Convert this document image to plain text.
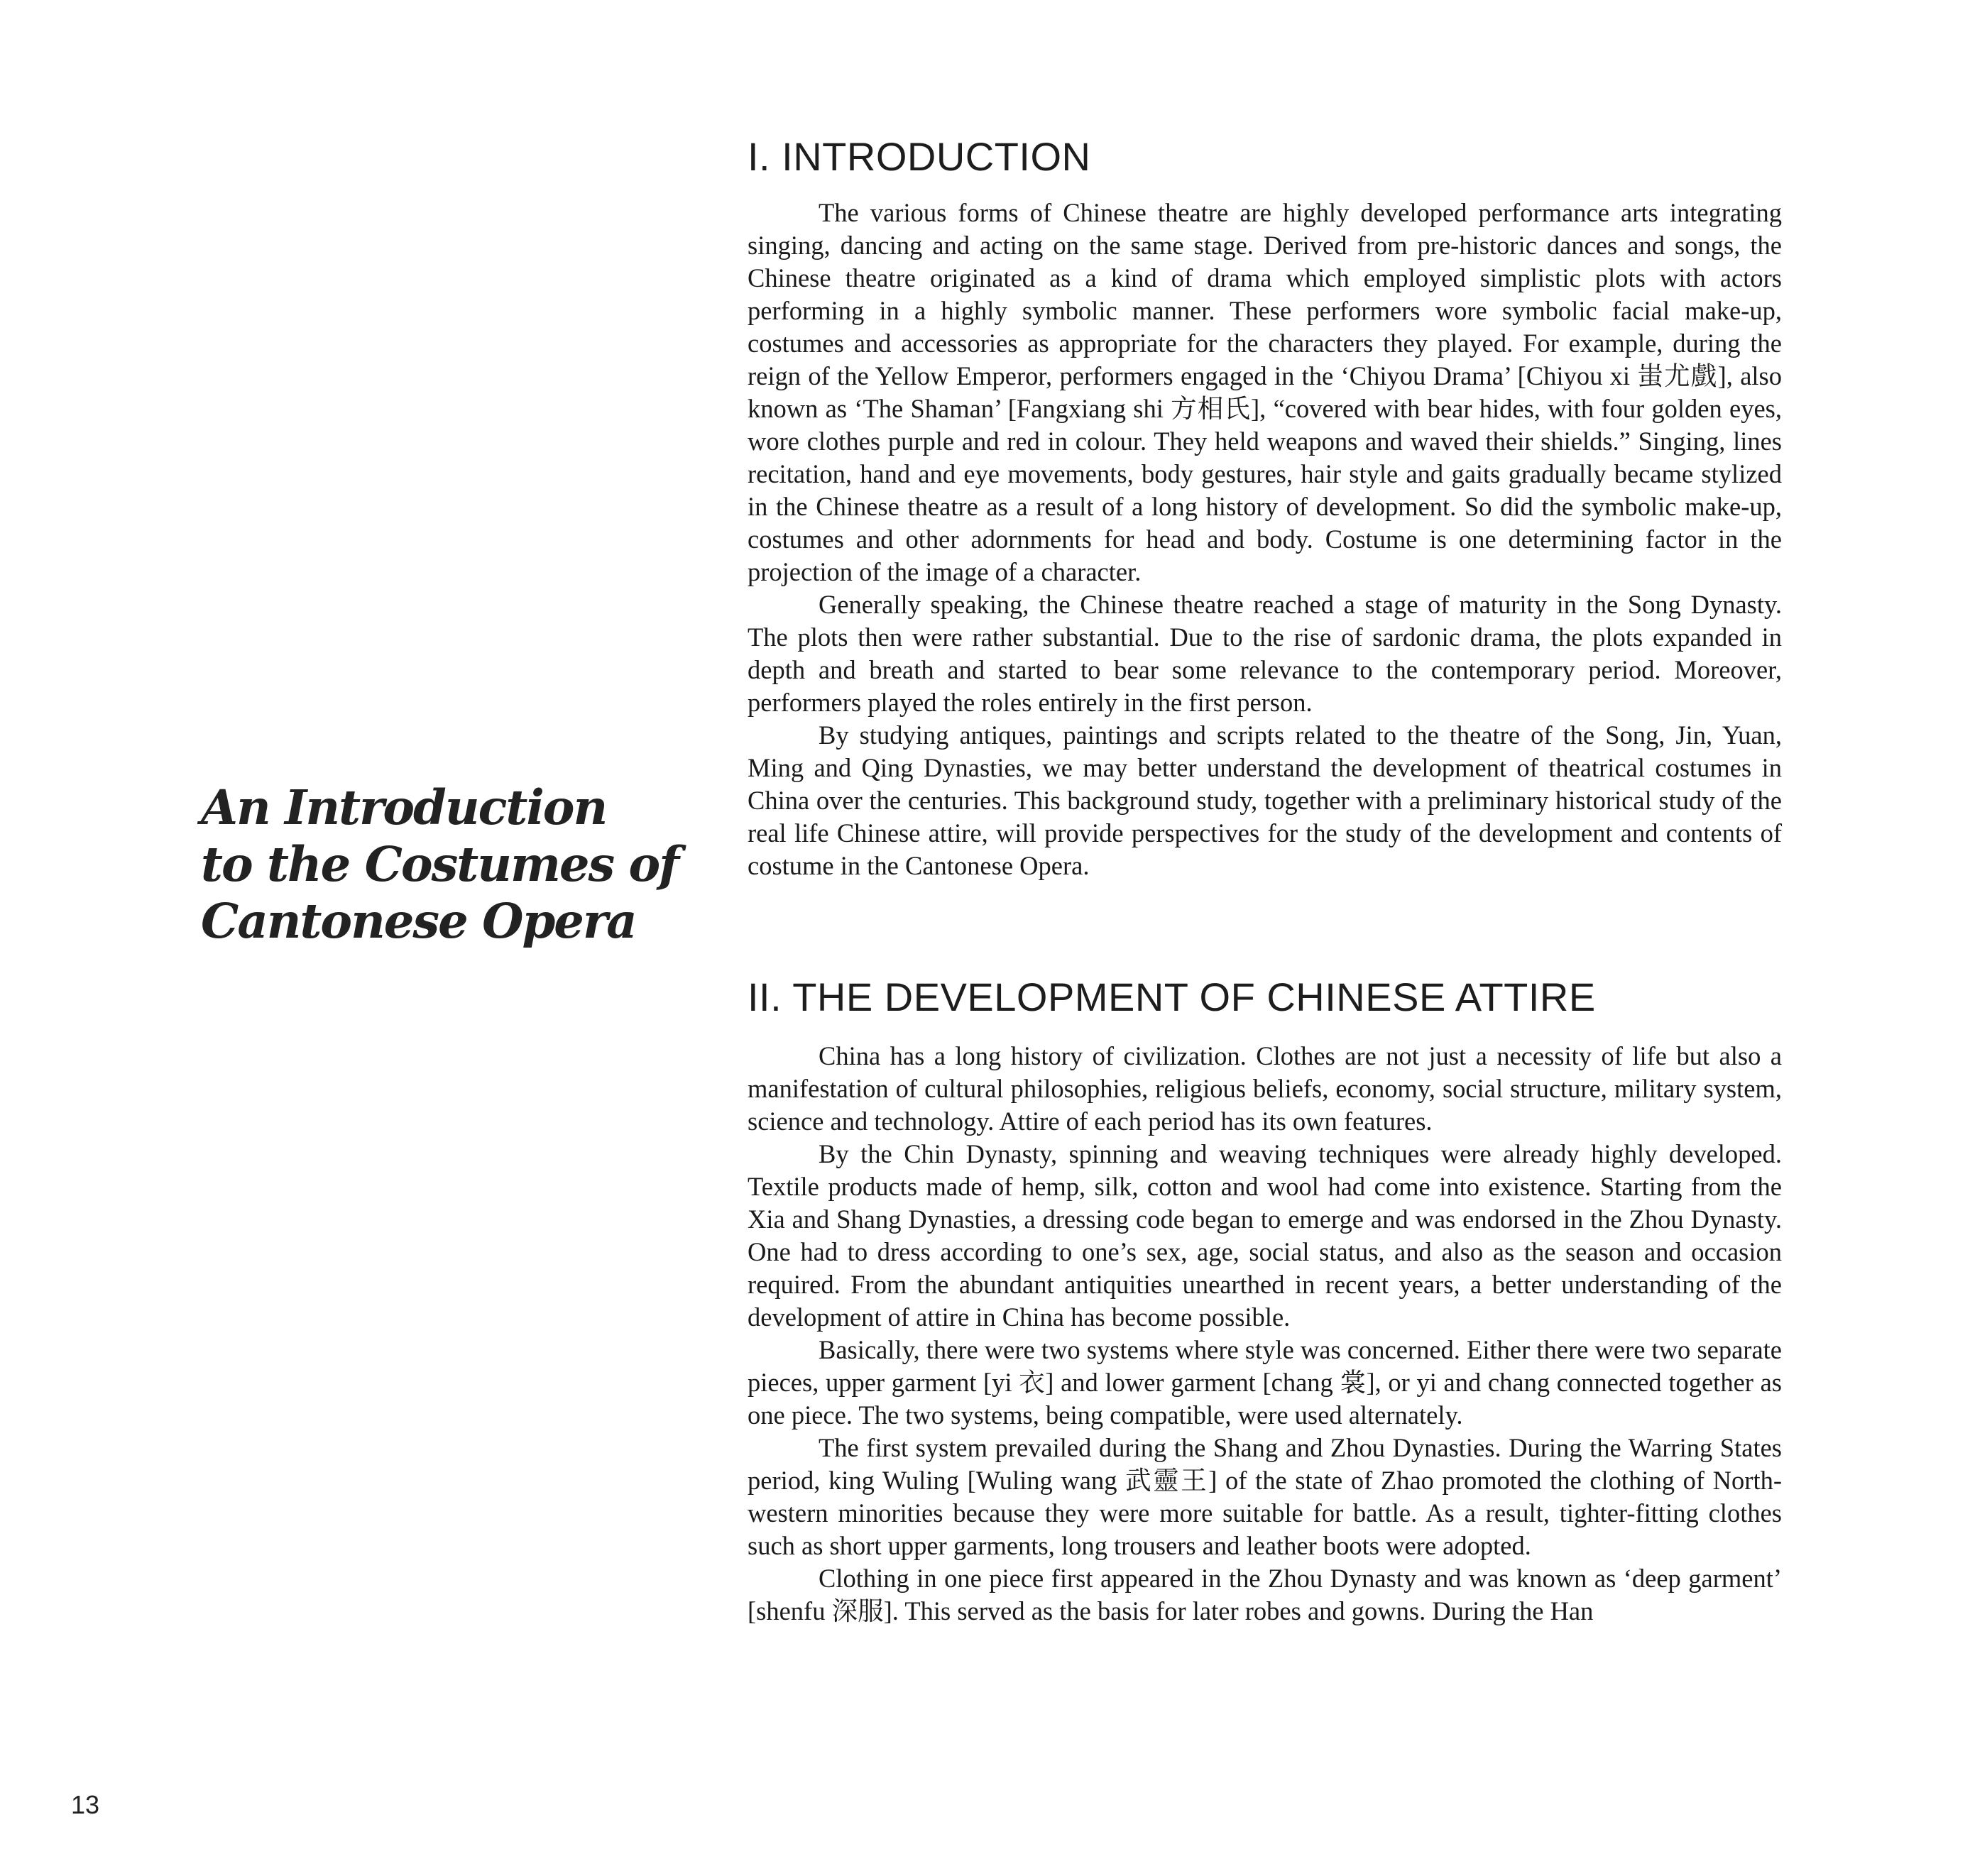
An Introduction
to the Costumes of
Cantonese Opera
I. INTRODUCTION

The various forms of Chinese theatre are highly developed performance arts integrating singing, dancing and acting on the same stage. Derived from pre-historic dances and songs, the Chinese theatre originated as a kind of drama which employed simplistic plots with actors performing in a highly symbolic manner. These performers wore symbolic facial make-up, costumes and accessories as appropriate for the characters they played. For example, during the reign of the Yellow Emperor, performers engaged in the ‘Chiyou Drama’ [Chiyou xi 蚩尤戲], also known as ‘The Shaman’ [Fangxiang shi 方相氏], “covered with bear hides, with four golden eyes, wore clothes purple and red in colour. They held weapons and waved their shields.” Singing, lines recitation, hand and eye movements, body gestures, hair style and gaits gradually became stylized in the Chinese theatre as a result of a long history of development. So did the symbolic make-up, costumes and other adornments for head and body. Costume is one determining factor in the projection of the image of a character.

Generally speaking, the Chinese theatre reached a stage of maturity in the Song Dynasty. The plots then were rather substantial. Due to the rise of sardonic drama, the plots expanded in depth and breath and started to bear some relevance to the contemporary period. Moreover, performers played the roles entirely in the first person.

By studying antiques, paintings and scripts related to the theatre of the Song, Jin, Yuan, Ming and Qing Dynasties, we may better understand the development of theatrical costumes in China over the centuries. This background study, together with a preliminary historical study of the real life Chinese attire, will provide perspectives for the study of the development and contents of costume in the Cantonese Opera.

II. THE DEVELOPMENT OF CHINESE ATTIRE

China has a long history of civilization. Clothes are not just a necessity of life but also a manifestation of cultural philosophies, religious beliefs, economy, social structure, military system, science and technology. Attire of each period has its own features.

By the Chin Dynasty, spinning and weaving techniques were already highly developed. Textile products made of hemp, silk, cotton and wool had come into existence. Starting from the Xia and Shang Dynasties, a dressing code began to emerge and was endorsed in the Zhou Dynasty. One had to dress according to one’s sex, age, social status, and also as the season and occasion required. From the abundant antiquities unearthed in recent years, a better understanding of the development of attire in China has become possible.

Basically, there were two systems where style was concerned. Either there were two separate pieces, upper garment [yi 衣] and lower garment [chang 裳], or yi and chang connected together as one piece. The two systems, being compatible, were used alternately.

The first system prevailed during the Shang and Zhou Dynasties. During the Warring States period, king Wuling [Wuling wang 武靈王] of the state of Zhao promoted the clothing of North-western minorities because they were more suitable for battle. As a result, tighter-fitting clothes such as short upper garments, long trousers and leather boots were adopted.

Clothing in one piece first appeared in the Zhou Dynasty and was known as ‘deep garment’ [shenfu 深服]. This served as the basis for later robes and gowns. During the Han

13
